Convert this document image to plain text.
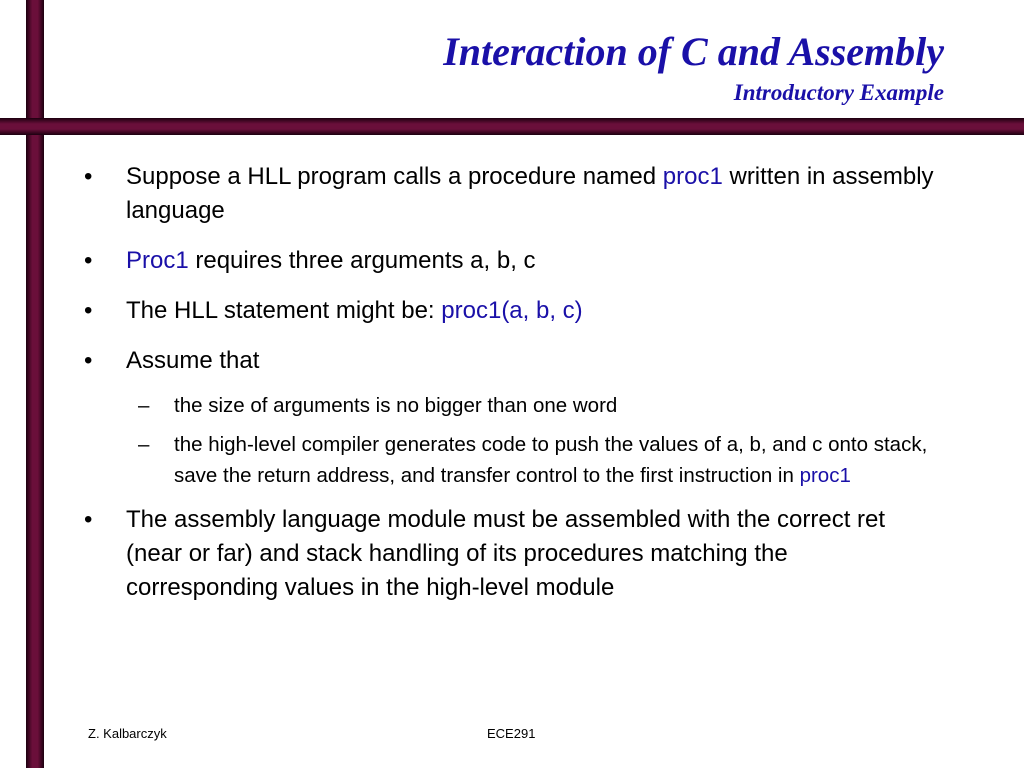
Interaction of C and Assembly
Introductory Example
•	Suppose a HLL program calls a procedure named proc1 written in assembly language
•	Proc1 requires three arguments a, b, c
•	The HLL statement might be: proc1(a, b, c)
•	Assume that
– the size of arguments is no bigger than one word
– the high-level compiler generates code to push the values of a, b, and c onto stack, save the return address, and transfer control to the first instruction in proc1
•	The assembly language module must be assembled with the correct ret (near or far) and stack handling of its procedures matching the corresponding values in the high-level module
Z. Kalbarczyk	ECE291
